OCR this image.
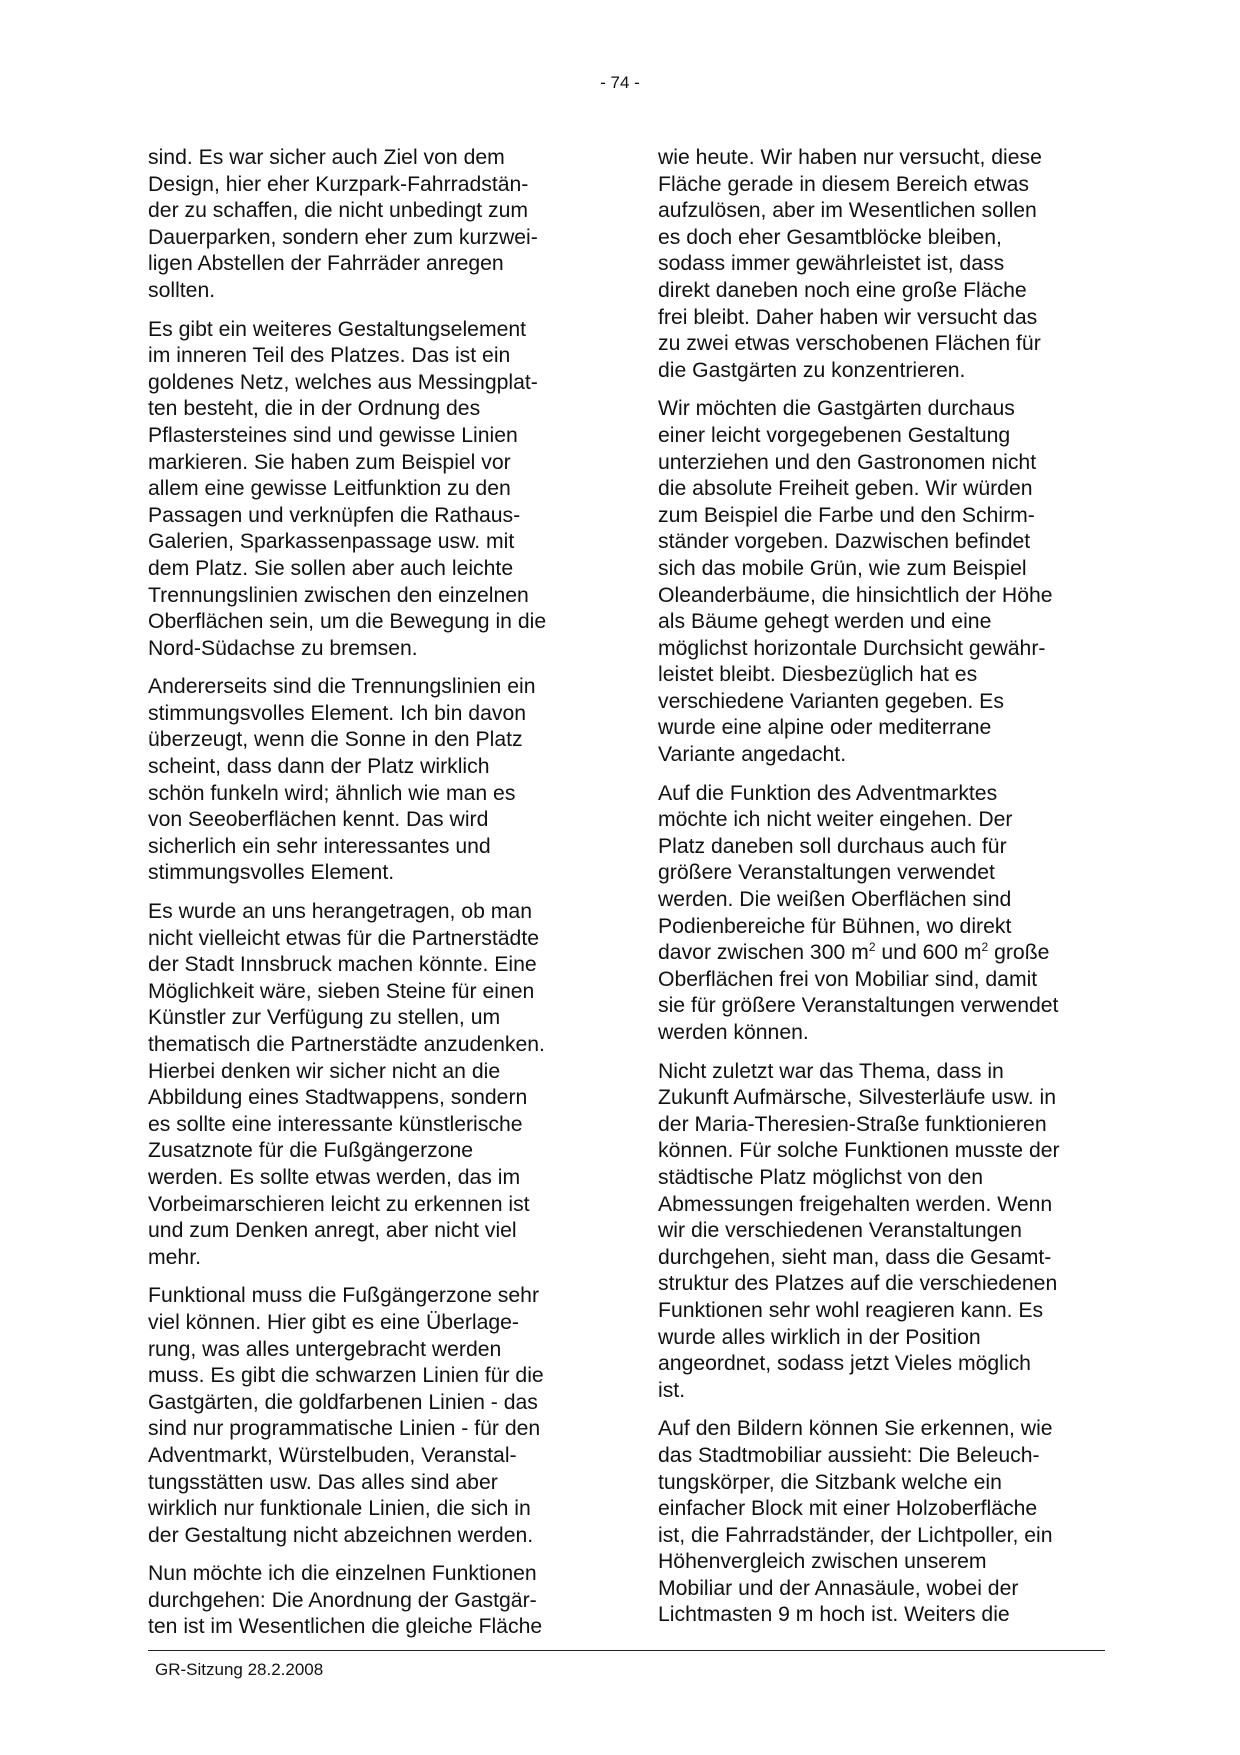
- 74 -

sind. Es war sicher auch Ziel von dem
Design, hier eher Kurzpark-Fahrradstän-
der zu schaffen, die nicht unbedingt zum
Dauerparken, sondern eher zum kurzwei-
ligen Abstellen der Fahrräder anregen
sollten.

Es gibt ein weiteres Gestaltungselement
im inneren Teil des Platzes. Das ist ein
goldenes Netz, welches aus Messingplat-
ten besteht, die in der Ordnung des
Pflastersteines sind und gewisse Linien
markieren. Sie haben zum Beispiel vor
allem eine gewisse Leitfunktion zu den
Passagen und verknüpfen die Rathaus-
Galerien, Sparkassenpassage usw. mit
dem Platz. Sie sollen aber auch leichte
Trennungslinien zwischen den einzelnen
Oberflächen sein, um die Bewegung in die
Nord-Südachse zu bremsen.

Andererseits sind die Trennungslinien ein
stimmungsvolles Element. Ich bin davon
überzeugt, wenn die Sonne in den Platz
scheint, dass dann der Platz wirklich
schön funkeln wird; ähnlich wie man es
von Seeoberflächen kennt. Das wird
sicherlich ein sehr interessantes und
stimmungsvolles Element.

Es wurde an uns herangetragen, ob man
nicht vielleicht etwas für die Partnerstädte
der Stadt Innsbruck machen könnte. Eine
Möglichkeit wäre, sieben Steine für einen
Künstler zur Verfügung zu stellen, um
thematisch die Partnerstädte anzudenken.
Hierbei denken wir sicher nicht an die
Abbildung eines Stadtwappens, sondern
es sollte eine interessante künstlerische
Zusatznote für die Fußgängerzone
werden. Es sollte etwas werden, das im
Vorbeimarschieren leicht zu erkennen ist
und zum Denken anregt, aber nicht viel
mehr.

Funktional muss die Fußgängerzone sehr
viel können. Hier gibt es eine Überlage-
rung, was alles untergebracht werden
muss. Es gibt die schwarzen Linien für die
Gastgärten, die goldfarbenen Linien - das
sind nur programmatische Linien - für den
Adventmarkt, Würstelbuden, Veranstal-
tungsstätten usw. Das alles sind aber
wirklich nur funktionale Linien, die sich in
der Gestaltung nicht abzeichnen werden.

Nun möchte ich die einzelnen Funktionen
durchgehen: Die Anordnung der Gastgär-
ten ist im Wesentlichen die gleiche Fläche

wie heute. Wir haben nur versucht, diese
Fläche gerade in diesem Bereich etwas
aufzulösen, aber im Wesentlichen sollen
es doch eher Gesamtblöcke bleiben,
sodass immer gewährleistet ist, dass
direkt daneben noch eine große Fläche
frei bleibt. Daher haben wir versucht das
zu zwei etwas verschobenen Flächen für
die Gastgärten zu konzentrieren.

Wir möchten die Gastgärten durchaus
einer leicht vorgegebenen Gestaltung
unterziehen und den Gastronomen nicht
die absolute Freiheit geben. Wir würden
zum Beispiel die Farbe und den Schirm-
ständer vorgeben. Dazwischen befindet
sich das mobile Grün, wie zum Beispiel
Oleanderbäume, die hinsichtlich der Höhe
als Bäume gehegt werden und eine
möglichst horizontale Durchsicht gewähr-
leistet bleibt. Diesbezüglich hat es
verschiedene Varianten gegeben. Es
wurde eine alpine oder mediterrane
Variante angedacht.

Auf die Funktion des Adventmarktes
möchte ich nicht weiter eingehen. Der
Platz daneben soll durchaus auch für
größere Veranstaltungen verwendet
werden. Die weißen Oberflächen sind
Podienbereiche für Bühnen, wo direkt
davor zwischen 300 $m^2$ und 600 $m^2$ große
Oberflächen frei von Mobiliar sind, damit
sie für größere Veranstaltungen verwendet
werden können.

Nicht zuletzt war das Thema, dass in
Zukunft Aufmärsche, Silvesterläufe usw. in
der Maria-Theresien-Straße funktionieren
können. Für solche Funktionen musste der
städtische Platz möglichst von den
Abmessungen freigehalten werden. Wenn
wir die verschiedenen Veranstaltungen
durchgehen, sieht man, dass die Gesamt-
struktur des Platzes auf die verschiedenen
Funktionen sehr wohl reagieren kann. Es
wurde alles wirklich in der Position
angeordnet, sodass jetzt Vieles möglich
ist.

Auf den Bildern können Sie erkennen, wie
das Stadtmobiliar aussieht: Die Beleuch-
tungskörper, die Sitzbank welche ein
einfacher Block mit einer Holzoberfläche
ist, die Fahrradständer, der Lichtpoller, ein
Höhenvergleich zwischen unserem
Mobiliar und der Annasäule, wobei der
Lichtmasten 9 m hoch ist. Weiters die

GR-Sitzung 28.2.2008
